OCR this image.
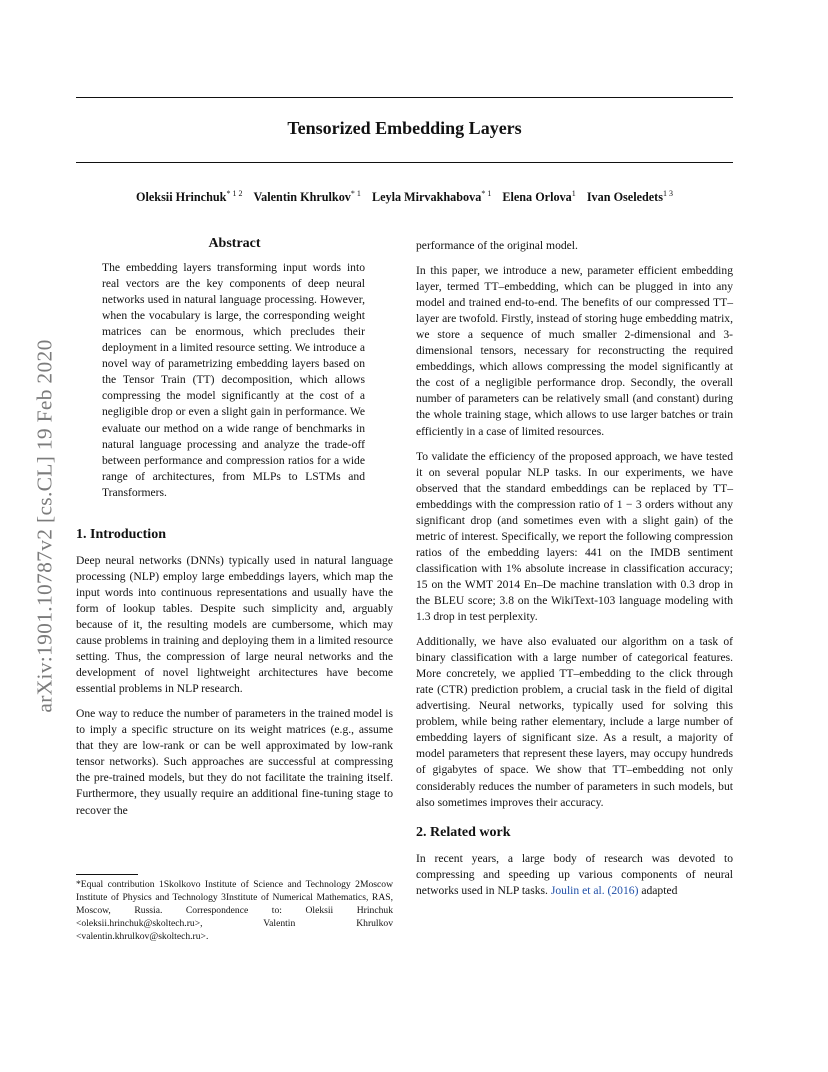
arXiv:1901.10787v2 [cs.CL] 19 Feb 2020
Tensorized Embedding Layers
Oleksii Hrinchuk$^{* 1 2}$ Valentin Khrulkov$^{* 1}$ Leyla Mirvakhabova$^{* 1}$ Elena Orlova$^1$ Ivan Oseledets$^{1 3}$
Abstract

The embedding layers transforming input words into real vectors are the key components of deep neural networks used in natural language processing. However, when the vocabulary is large, the corresponding weight matrices can be enormous, which precludes their deployment in a limited resource setting. We introduce a novel way of parametrizing embedding layers based on the Tensor Train (TT) decomposition, which allows compressing the model significantly at the cost of a negligible drop or even a slight gain in performance. We evaluate our method on a wide range of benchmarks in natural language processing and analyze the trade-off between performance and compression ratios for a wide range of architectures, from MLPs to LSTMs and Transformers.

1. Introduction

Deep neural networks (DNNs) typically used in natural language processing (NLP) employ large embeddings layers, which map the input words into continuous representations and usually have the form of lookup tables. Despite such simplicity and, arguably because of it, the resulting models are cumbersome, which may cause problems in training and deploying them in a limited resource setting. Thus, the compression of large neural networks and the development of novel lightweight architectures have become essential problems in NLP research.

One way to reduce the number of parameters in the trained model is to imply a specific structure on its weight matrices (e.g., assume that they are low-rank or can be well approximated by low-rank tensor networks). Such approaches are successful at compressing the pre-trained models, but they do not facilitate the training itself. Furthermore, they usually require an additional fine-tuning stage to recover the

*Equal contribution 1Skolkovo Institute of Science and Technology 2Moscow Institute of Physics and Technology 3Institute of Numerical Mathematics, RAS, Moscow, Russia. Correspondence to: Oleksii Hrinchuk <oleksii.hrinchuk@skoltech.ru>, Valentin Khrulkov <valentin.khrulkov@skoltech.ru>.

performance of the original model.

In this paper, we introduce a new, parameter efficient embedding layer, termed TT–embedding, which can be plugged in into any model and trained end-to-end. The benefits of our compressed TT–layer are twofold. Firstly, instead of storing huge embedding matrix, we store a sequence of much smaller 2-dimensional and 3-dimensional tensors, necessary for reconstructing the required embeddings, which allows compressing the model significantly at the cost of a negligible performance drop. Secondly, the overall number of parameters can be relatively small (and constant) during the whole training stage, which allows to use larger batches or train efficiently in a case of limited resources.

To validate the efficiency of the proposed approach, we have tested it on several popular NLP tasks. In our experiments, we have observed that the standard embeddings can be replaced by TT–embeddings with the compression ratio of 1 − 3 orders without any significant drop (and sometimes even with a slight gain) of the metric of interest. Specifically, we report the following compression ratios of the embedding layers: 441 on the IMDB sentiment classification with 1% absolute increase in classification accuracy; 15 on the WMT 2014 En–De machine translation with 0.3 drop in the BLEU score; 3.8 on the WikiText-103 language modeling with 1.3 drop in test perplexity.

Additionally, we have also evaluated our algorithm on a task of binary classification with a large number of categorical features. More concretely, we applied TT–embedding to the click through rate (CTR) prediction problem, a crucial task in the field of digital advertising. Neural networks, typically used for solving this problem, while being rather elementary, include a large number of embedding layers of significant size. As a result, a majority of model parameters that represent these layers, may occupy hundreds of gigabytes of space. We show that TT–embedding not only considerably reduces the number of parameters in such models, but also sometimes improves their accuracy.

2. Related work

In recent years, a large body of research was devoted to compressing and speeding up various components of neural networks used in NLP tasks. Joulin et al. (2016) adapted
